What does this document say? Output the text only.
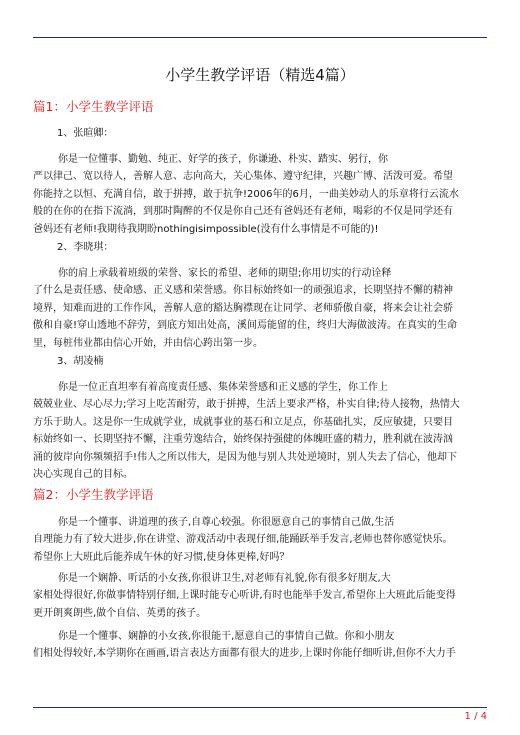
小学生教学评语（精选4篇）
篇1：小学生教学评语
1、张暄卿：
你是一位懂事、勤勉、纯正、好学的孩子，你谦逊、朴实、踏实、躬行，你
严以律己、宽以待人，善解人意、志向高大，关心集体、遵守纪律，兴趣广博、活泼可爱。希望
你能持之以恒、充满自信，敢于拼搏，敢于抗争!2006年的6月，一曲美妙动人的乐章将行云流水
般的在你的在指下流淌，到那时陶醉的不仅是你自己还有爸妈还有老师，喝彩的不仅是同学还有
爸妈还有老师!我期待我期盼nothingisimpossible(没有什么事情是不可能的)!
2、李晓琪：
你的肩上承载着班级的荣誉、家长的希望、老师的期望;你用切实的行动诠释
了什么是责任感、使命感、正义感和荣誉感。你目标始终如一的顽强追求，长期坚持不懈的精神
境界，知难而进的工作作风，善解人意的豁达胸襟现在让同学、老师骄傲自豪，将来会让社会骄
傲和自豪!穿山透地不辞劳，到底方知出处高，溪间焉能留的住，终归大海做波涛。在真实的生命
里，每桩伟业都由信心开始，并由信心跨出第一步。
3、胡凌楠
你是一位正直坦率有着高度责任感、集体荣誉感和正义感的学生，你工作上
兢兢业业、尽心尽力;学习上吃苦耐劳，敢于拼搏，生活上要求严格，朴实自律;待人接物，热情大
方乐于助人。这是你一生成就学业，成就事业的基石和立足点，你基础扎实，反应敏捷，只要目
标始终如一、长期坚持不懈，注重劳逸结合，始终保持强健的体魄旺盛的精力，胜利就在波涛汹
涌的彼岸向你频频招手!伟人之所以伟大，是因为他与别人共处逆境时，别人失去了信心，他却下
决心实现自己的目标。
篇2：小学生教学评语
你是一个懂事、讲道理的孩子,自尊心较强。你很愿意自己的事情自己做,生活
自理能力有了较大进步,你在讲堂、游戏活动中表现仔细,能踊跃举手发言,老师也替你感觉快乐。
希望你上大班此后能养成午休的好习惯,使身体更棒,好吗？
你是一个娴静、听话的小女孩,你很讲卫生,对老师有礼貌,你有很多好朋友,大
家相处得很好,你做事情特别仔细,上课时能专心听讲,有时也能举手发言,希望你上大班此后能变得
更开朗爽朗些,做个自信、英勇的孩子。
你是一个懂事、娴静的小女孩,你很能干,愿意自己的事情自己做。你和小朋友
们相处得较好,本学期你在画画,语言表达方面都有很大的进步,上课时你能仔细听讲,但你不大力手
1 / 4
